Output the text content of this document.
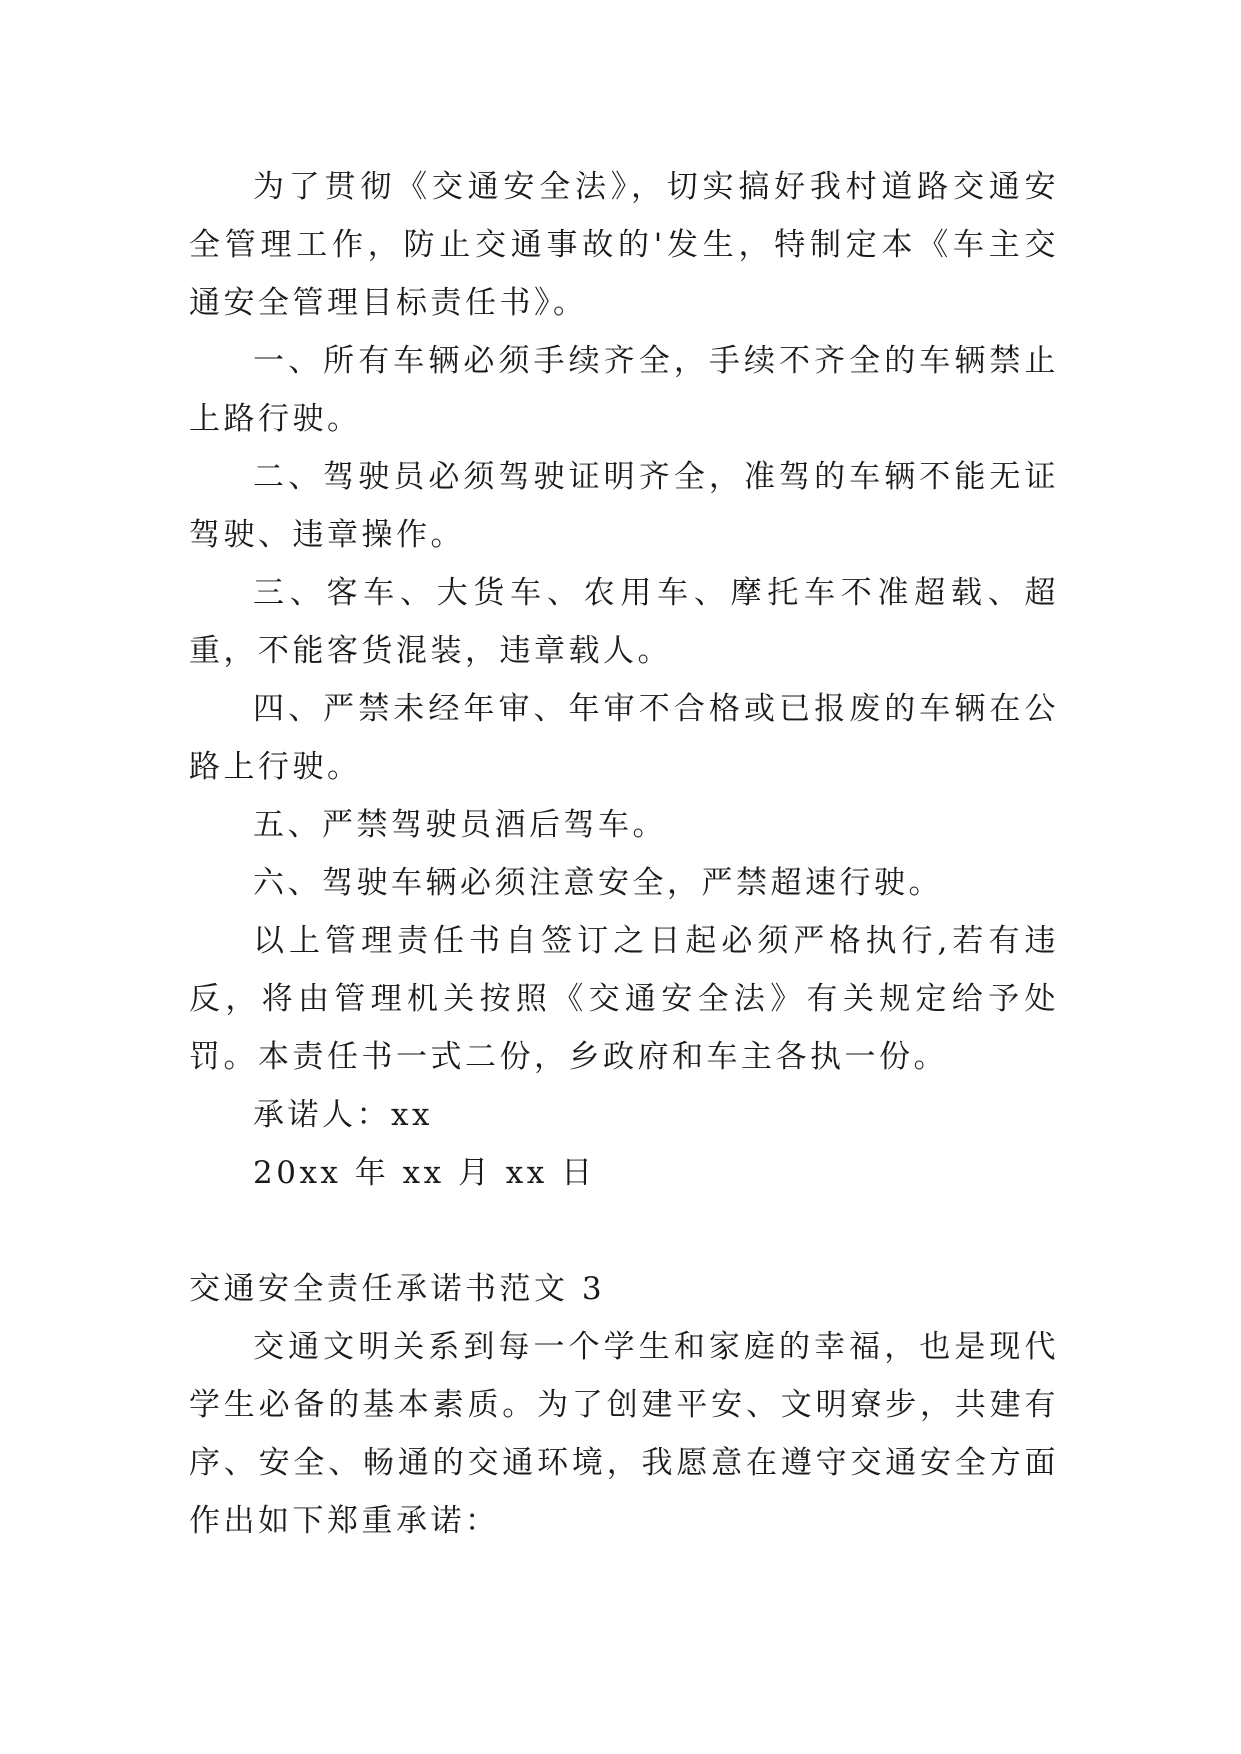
为了贯彻《交通安全法》，切实搞好我村道路交通安全管理工作，防止交通事故的'发生，特制定本《车主交通安全管理目标责任书》。

一、所有车辆必须手续齐全，手续不齐全的车辆禁止上路行驶。

二、驾驶员必须驾驶证明齐全，准驾的车辆不能无证驾驶、违章操作。

三、客车、大货车、农用车、摩托车不准超载、超重，不能客货混装，违章载人。

四、严禁未经年审、年审不合格或已报废的车辆在公路上行驶。

五、严禁驾驶员酒后驾车。

六、驾驶车辆必须注意安全，严禁超速行驶。

以上管理责任书自签订之日起必须严格执行,若有违反，将由管理机关按照《交通安全法》有关规定给予处罚。本责任书一式二份，乡政府和车主各执一份。

承诺人：xx

20xx 年 xx 月 xx 日

交通安全责任承诺书范文 3

交通文明关系到每一个学生和家庭的幸福，也是现代学生必备的基本素质。为了创建平安、文明寮步，共建有序、安全、畅通的交通环境，我愿意在遵守交通安全方面作出如下郑重承诺：
